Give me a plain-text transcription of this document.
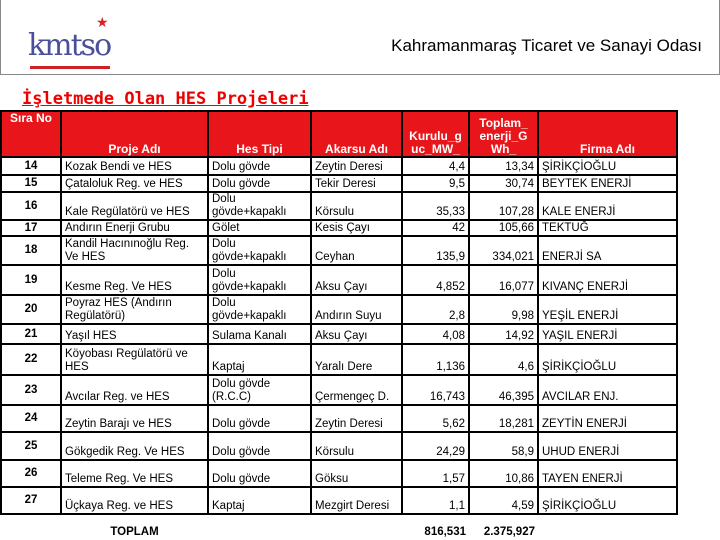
★
kmtso	Kahramanmaraş Ticaret ve Sanayi Odası
İşletmede Olan HES Projeleri
Sıra No	Proje Adı	Hes Tipi	Akarsu Adı	Kurulu_g uc_MW_	Toplam_ enerji_G Wh_	Firma Adı
14	Kozak Bendi ve HES	Dolu gövde	Zeytin Deresi	4,4	13,34	ŞİRİKÇİOĞLU
15	Çataloluk Reg. ve HES	Dolu gövde	Tekir Deresi	9,5	30,74	BEYTEK ENERJİ
16	Kale Regülatörü ve HES	Dolu gövde+kapaklı	Körsulu	35,33	107,28	KALE ENERJİ
17	Andırın Enerji Grubu	Gölet	Kesis Çayı	42	105,66	TEKTUĞ
18	Kandil Hacınınoğlu Reg. Ve HES	Dolu gövde+kapaklı	Ceyhan	135,9	334,021	ENERJİ SA
19	Kesme Reg. Ve HES	Dolu gövde+kapaklı	Aksu Çayı	4,852	16,077	KIVANÇ ENERJİ
20	Poyraz HES (Andırın Regülatörü)	Dolu gövde+kapaklı	Andırın Suyu	2,8	9,98	YEŞİL ENERJİ
21	Yaşıl HES	Sulama Kanalı	Aksu Çayı	4,08	14,92	YAŞIL ENERJİ
22	Köyobası Regülatörü ve HES	Kaptaj	Yaralı Dere	1,136	4,6	ŞİRİKÇİOĞLU
23	Avcılar Reg. ve HES	Dolu gövde (R.C.C)	Çermengeç D.	16,743	46,395	AVCILAR ENJ.
24	Zeytin Barajı ve HES	Dolu gövde	Zeytin Deresi	5,62	18,281	ZEYTİN ENERJİ
25	Gökgedik Reg. Ve HES	Dolu gövde	Körsulu	24,29	58,9	UHUD ENERJİ
26	Teleme Reg. Ve HES	Dolu gövde	Göksu	1,57	10,86	TAYEN ENERJİ
27	Üçkaya Reg. ve HES	Kaptaj	Mezgirt Deresi	1,1	4,59	ŞİRİKÇİOĞLU
	TOPLAM			816,531	2.375,927	
